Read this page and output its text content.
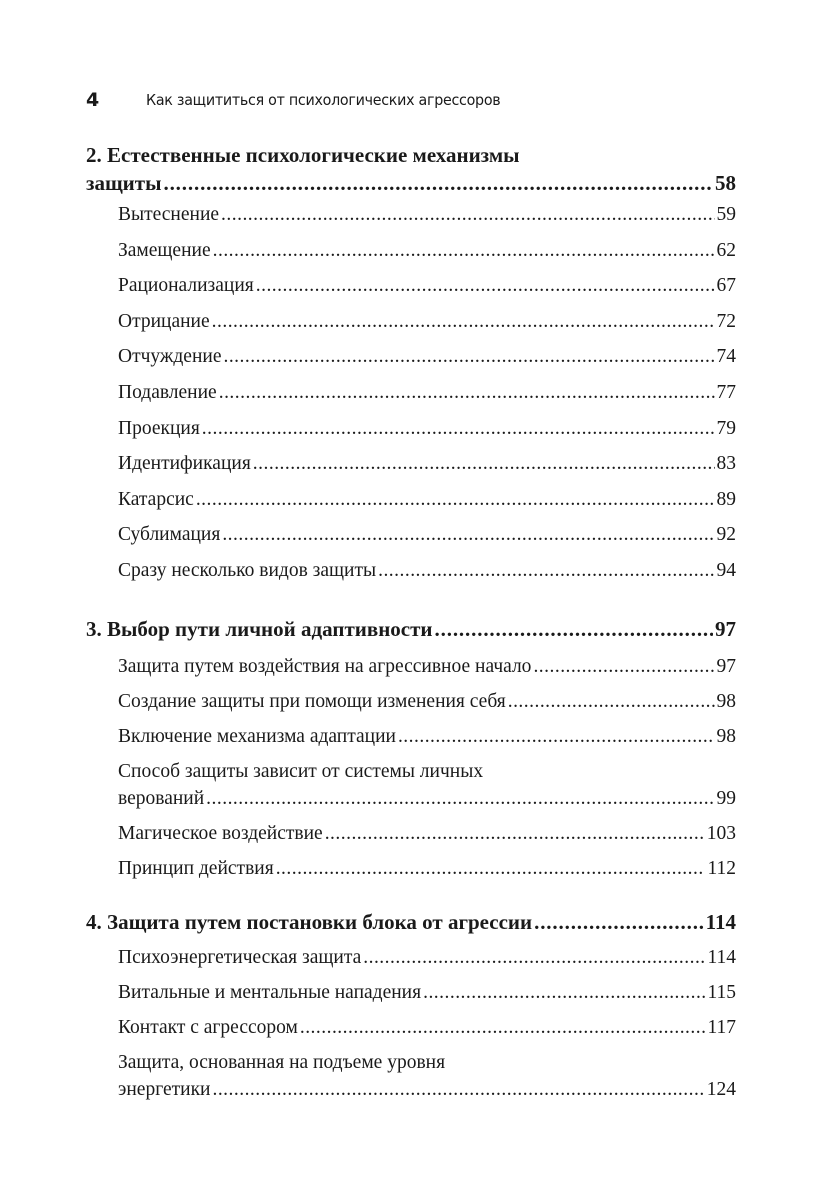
4	Как защититься от психологических агрессоров
2. Естественные психологические механизмы
защиты . . .	58
Вытеснение . . .	59
Замещение . . .	62
Рационализация . . .	67
Отрицание . . .	72
Отчуждение . . .	74
Подавление . . .	77
Проекция . . .	79
Идентификация . . .	83
Катарсис . . .	89
Сублимация . . .	92
Сразу несколько видов защиты . . .	94
3. Выбор пути личной адаптивности . . .	97
Защита путем воздействия на агрессивное начало . . .	97
Создание защиты при помощи изменения себя . . .	98
Включение механизма адаптации . . .	98
Способ защиты зависит от системы личных
верований . . .	99
Магическое воздействие . . .	103
Принцип действия . . .	112
4. Защита путем постановки блока от агрессии . . .	114
Психоэнергетическая защита . . .	114
Витальные и ментальные нападения . . .	115
Контакт с агрессором . . .	117
Защита, основанная на подъеме уровня
энергетики . . .	124
